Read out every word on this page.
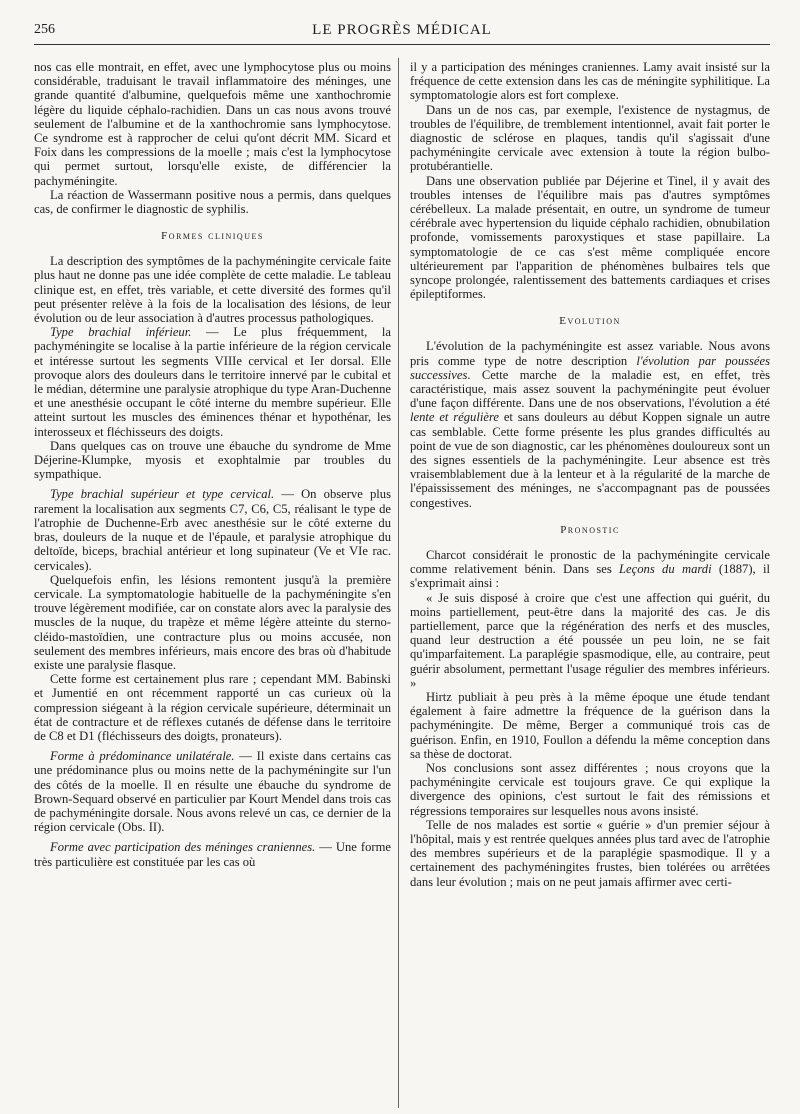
256	LE PROGRÈS MÉDICAL

nos cas elle montrait, en effet, avec une lymphocytose plus ou moins considérable, traduisant le travail inflammatoire des méninges, une grande quantité d'albumine, quelquefois même une xanthochromie légère du liquide céphalo-rachidien. Dans un cas nous avons trouvé seulement de l'albumine et de la xanthochromie sans lymphocytose. Ce syndrome est à rapprocher de celui qu'ont décrit MM. Sicard et Foix dans les compressions de la moelle ; mais c'est la lymphocytose qui permet surtout, lorsqu'elle existe, de différencier la pachyméningite.

La réaction de Wassermann positive nous a permis, dans quelques cas, de confirmer le diagnostic de syphilis.

Formes cliniques

La description des symptômes de la pachyméningite cervicale faite plus haut ne donne pas une idée complète de cette maladie. Le tableau clinique est, en effet, très variable, et cette diversité des formes qu'il peut présenter relève à la fois de la localisation des lésions, de leur évolution ou de leur association à d'autres processus pathologiques.

Type brachial inférieur. — Le plus fréquemment, la pachyméningite se localise à la partie inférieure de la région cervicale et intéresse surtout les segments VIIIe cervical et Ier dorsal. Elle provoque alors des douleurs dans le territoire innervé par le cubital et le médian, détermine une paralysie atrophique du type Aran-Duchenne et une anesthésie occupant le côté interne du membre supérieur. Elle atteint surtout les muscles des éminences thénar et hypothénar, les interosseux et fléchisseurs des doigts.

Dans quelques cas on trouve une ébauche du syndrome de Mme Déjerine-Klumpke, myosis et exophtalmie par troubles du sympathique.

Type brachial supérieur et type cervical. — On observe plus rarement la localisation aux segments C7, C6, C5, réalisant le type de l'atrophie de Duchenne-Erb avec anesthésie sur le côté externe du bras, douleurs de la nuque et de l'épaule, et paralysie atrophique du deltoïde, biceps, brachial antérieur et long supinateur (Ve et VIe rac. cervicales).

Quelquefois enfin, les lésions remontent jusqu'à la première cervicale. La symptomatologie habituelle de la pachyméningite s'en trouve légèrement modifiée, car on constate alors avec la paralysie des muscles de la nuque, du trapèze et même légère atteinte du sterno-cléido-mastoïdien, une contracture plus ou moins accusée, non seulement des membres inférieurs, mais encore des bras où d'habitude existe une paralysie flasque.

Cette forme est certainement plus rare ; cependant MM. Babinski et Jumentié en ont récemment rapporté un cas curieux où la compression siégeant à la région cervicale supérieure, déterminait un état de contracture et de réflexes cutanés de défense dans le territoire de C8 et D1 (fléchisseurs des doigts, pronateurs).

Forme à prédominance unilatérale. — Il existe dans certains cas une prédominance plus ou moins nette de la pachyméningite sur l'un des côtés de la moelle. Il en résulte une ébauche du syndrome de Brown-Sequard observé en particulier par Kourt Mendel dans trois cas de pachyméningite dorsale. Nous avons relevé un cas, ce dernier de la région cervicale (Obs. II).

Forme avec participation des méninges craniennes. — Une forme très particulière est constituée par les cas où

il y a participation des méninges craniennes. Lamy avait insisté sur la fréquence de cette extension dans les cas de méningite syphilitique. La symptomatologie alors est fort complexe.

Dans un de nos cas, par exemple, l'existence de nystagmus, de troubles de l'équilibre, de tremblement intentionnel, avait fait porter le diagnostic de sclérose en plaques, tandis qu'il s'agissait d'une pachyméningite cervicale avec extension à toute la région bulbo-protubérantielle.

Dans une observation publiée par Déjerine et Tinel, il y avait des troubles intenses de l'équilibre mais pas d'autres symptômes cérébelleux. La malade présentait, en outre, un syndrome de tumeur cérébrale avec hypertension du liquide céphalo rachidien, obnubilation profonde, vomissements paroxystiques et stase papillaire. La symptomatologie de ce cas s'est même compliquée encore ultérieurement par l'apparition de phénomènes bulbaires tels que syncope prolongée, ralentissement des battements cardiaques et crises épileptiformes.

Evolution

L'évolution de la pachyméningite est assez variable. Nous avons pris comme type de notre description l'évolution par poussées successives. Cette marche de la maladie est, en effet, très caractéristique, mais assez souvent la pachyméningite peut évoluer d'une façon différente. Dans une de nos observations, l'évolution a été lente et régulière et sans douleurs au début Koppen signale un autre cas semblable. Cette forme présente les plus grandes difficultés au point de vue de son diagnostic, car les phénomènes douloureux sont un des signes essentiels de la pachyméningite. Leur absence est très vraisemblablement due à la lenteur et à la régularité de la marche de l'épaississement des méninges, ne s'accompagnant pas de poussées congestives.

Pronostic

Charcot considérait le pronostic de la pachyméningite cervicale comme relativement bénin. Dans ses Leçons du mardi (1887), il s'exprimait ainsi :

« Je suis disposé à croire que c'est une affection qui guérit, du moins partiellement, peut-être dans la majorité des cas. Je dis partiellement, parce que la régénération des nerfs et des muscles, quand leur destruction a été poussée un peu loin, ne se fait qu'imparfaitement. La paraplégie spasmodique, elle, au contraire, peut guérir absolument, permettant l'usage régulier des membres inférieurs. »

Hirtz publiait à peu près à la même époque une étude tendant également à faire admettre la fréquence de la guérison dans la pachyméningite. De même, Berger a communiqué trois cas de guérison. Enfin, en 1910, Foullon a défendu la même conception dans sa thèse de doctorat.

Nos conclusions sont assez différentes ; nous croyons que la pachyméningite cervicale est toujours grave. Ce qui explique la divergence des opinions, c'est surtout le fait des rémissions et régressions temporaires sur lesquelles nous avons insisté.

Telle de nos malades est sortie « guérie » d'un premier séjour à l'hôpital, mais y est rentrée quelques années plus tard avec de l'atrophie des membres supérieurs et de la paraplégie spasmodique. Il y a certainement des pachyméningites frustes, bien tolérées ou arrêtées dans leur évolution ; mais on ne peut jamais affirmer avec certi-
